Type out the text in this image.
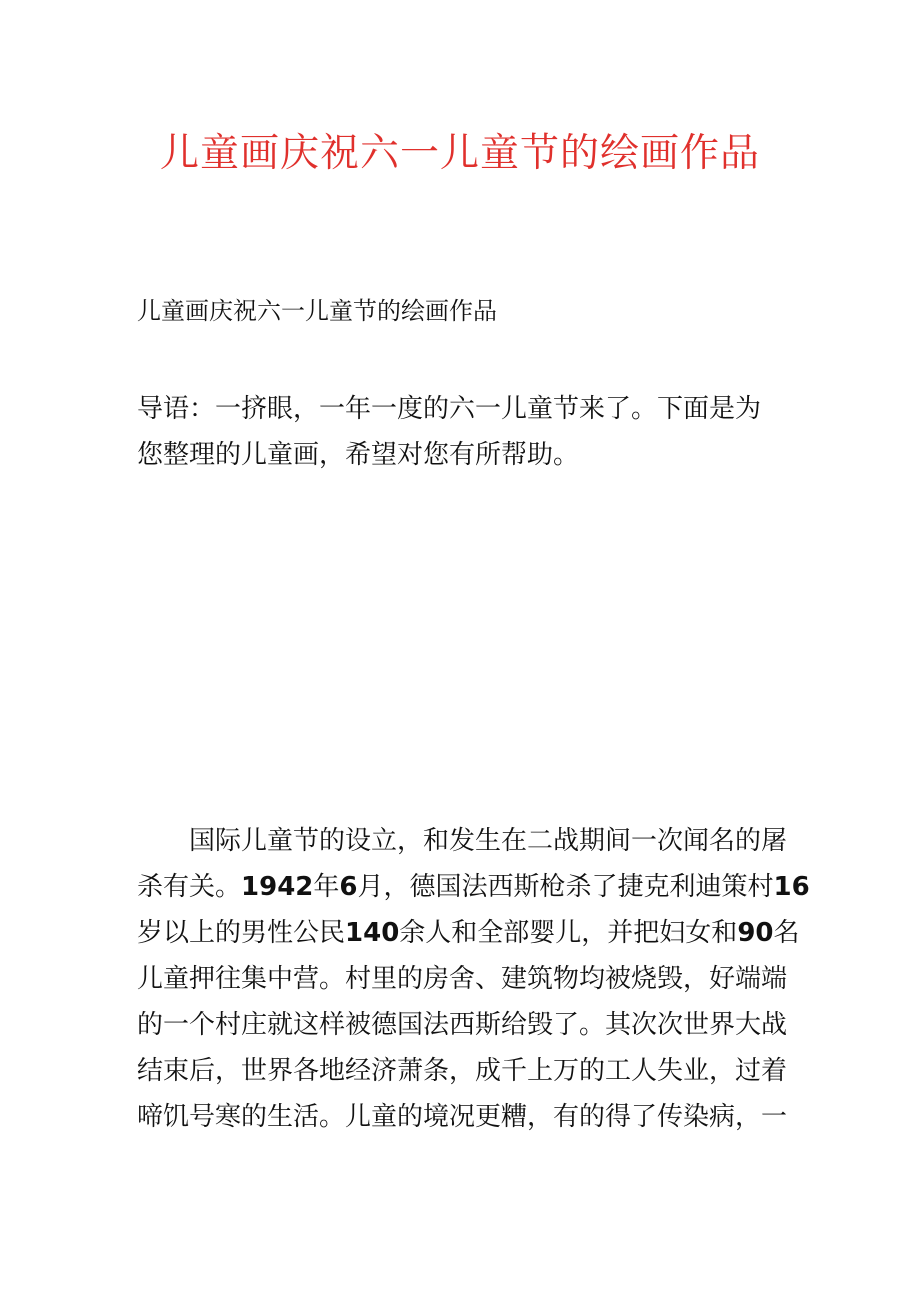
儿童画庆祝六一儿童节的绘画作品
儿童画庆祝六一儿童节的绘画作品
导语：一挤眼，一年一度的六一儿童节来了。下面是为
您整理的儿童画，希望对您有所帮助。
　　国际儿童节的设立，和发生在二战期间一次闻名的屠
杀有关。1942年6月，德国法西斯枪杀了捷克利迪策村16
岁以上的男性公民140余人和全部婴儿，并把妇女和90名
儿童押往集中营。村里的房舍、建筑物均被烧毁，好端端
的一个村庄就这样被德国法西斯给毁了。其次次世界大战
结束后，世界各地经济萧条，成千上万的工人失业，过着
啼饥号寒的生活。儿童的境况更糟，有的得了传染病，一
